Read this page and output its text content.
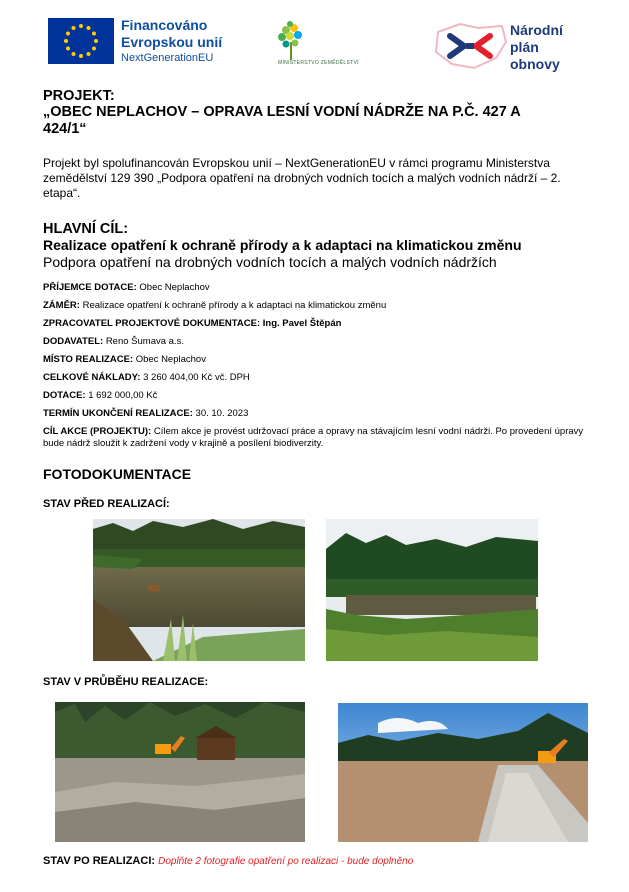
Financováno
Evropskou unií
NextGenerationEU	MINISTERSTVO ZEMĚDĚLSTVÍ
Národní
plán
obnovy
PROJEKT:
„OBEC NEPLACHOV – OPRAVA LESNÍ VODNÍ NÁDRŽE NA P.Č. 427 A
424/1“
Projekt byl spolufinancován Evropskou unií – NextGenerationEU v rámci programu Ministerstva zemědělství 129 390 „Podpora opatření na drobných vodních tocích a malých vodních nádrží – 2. etapa“.
HLAVNÍ CÍL:
Realizace opatření k ochraně přírody a k adaptaci na klimatickou změnu
Podpora opatření na drobných vodních tocích a malých vodních nádržích
PŘÍJEMCE DOTACE: Obec Neplachov
ZÁMĚR: Realizace opatření k ochraně přírody a k adaptaci na klimatickou změnu
ZPRACOVATEL PROJEKTOVÉ DOKUMENTACE: Ing. Pavel Štěpán
DODAVATEL: Reno Šumava a.s.
MÍSTO REALIZACE: Obec Neplachov
CELKOVÉ NÁKLADY: 3 260 404,00 Kč vč. DPH
DOTACE: 1 692 000,00 Kč
TERMÍN UKONČENÍ REALIZACE: 30. 10. 2023
CÍL AKCE (PROJEKTU): Cílem akce je provést udržovací práce a opravy na stávajícím lesní vodní nádrži. Po provedení úpravy bude nádrž sloužit k zadržení vody v krajině a posílení biodiverzity.
FOTODOKUMENTACE
STAV PŘED REALIZACÍ:
STAV V PRŮBĚHU REALIZACE:
STAV PO REALIZACI: Doplňte 2 fotografie opatření po realizaci - bude doplněno
